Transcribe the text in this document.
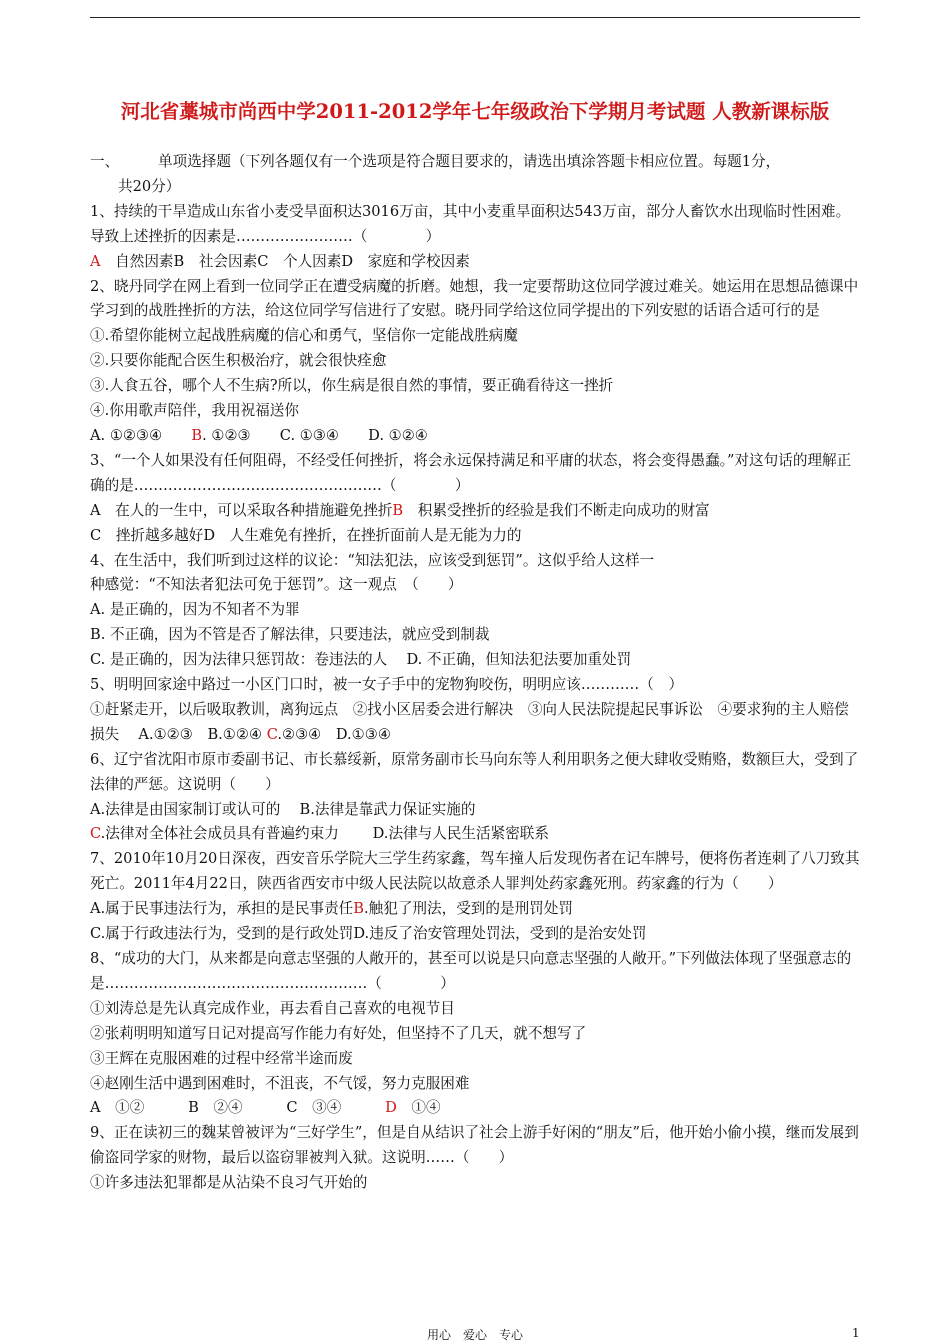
河北省藁城市尚西中学2011-2012学年七年级政治下学期月考试题 人教新课标版

一、	单项选择题（下列各题仅有一个选项是符合题目要求的，请选出填涂答题卡相应位置。每题1分，

共20分）

1、持续的干旱造成山东省小麦受旱面积达3016万亩，其中小麦重旱面积达543万亩，部分人畜饮水出现临时性困难。导致上述挫折的因素是……………………（　　　　）

A　自然因素B　社会因素C　个人因素D　家庭和学校因素

2、晓丹同学在网上看到一位同学正在遭受病魔的折磨。她想，我一定要帮助这位同学渡过难关。她运用在思想品德课中学习到的战胜挫折的方法，给这位同学写信进行了安慰。晓丹同学给这位同学提出的下列安慰的话语合适可行的是

①.希望你能树立起战胜病魔的信心和勇气，坚信你一定能战胜病魔

②.只要你能配合医生积极治疗，就会很快痊愈

③.人食五谷，哪个人不生病?所以，你生病是很自然的事情，要正确看待这一挫折

④.你用歌声陪伴，我用祝福送你

A. ①②③④　　B. ①②③　　C. ①③④　　D. ①②④

3、“一个人如果没有任何阻碍，不经受任何挫折，将会永远保持满足和平庸的状态，将会变得愚蠢。”对这句话的理解正确的是……………………………………………（　　　　）

A　在人的一生中，可以采取各种措施避免挫折B　积累受挫折的经验是我们不断走向成功的财富

C　挫折越多越好D　人生难免有挫折，在挫折面前人是无能为力的

4、在生活中，我们听到过这样的议论：“知法犯法，应该受到惩罚”。这似乎给人这样一

种感觉：“不知法者犯法可免于惩罚”。这一观点　（　　）

A. 是正确的，因为不知者不为罪

B. 不正确，因为不管是否了解法律，只要违法，就应受到制裁

C. 是正确的，因为法律只惩罚故：卷违法的人　 D. 不正确，但知法犯法要加重处罚

5、明明回家途中路过一小区门口时，被一女子手中的宠物狗咬伤，明明应该…………（　）

①赶紧走开，以后吸取教训，离狗远点　②找小区居委会进行解决　③向人民法院提起民事诉讼　④要求狗的主人赔偿损失　 A.①②③　B.①②④ C.②③④　D.①③④

6、辽宁省沈阳市原市委副书记、市长慕绥新，原常务副市长马向东等人利用职务之便大肆收受贿赂，数额巨大，受到了法律的严惩。这说明（　　）

A.法律是由国家制订或认可的　 B.法律是靠武力保证实施的

C.法律对全体社会成员具有普遍约束力　　 D.法律与人民生活紧密联系

7、2010年10月20日深夜，西安音乐学院大三学生药家鑫，驾车撞人后发现伤者在记车牌号，便将伤者连刺了八刀致其死亡。2011年4月22日，陕西省西安市中级人民法院以故意杀人罪判处药家鑫死刑。药家鑫的行为（　　）

A.属于民事违法行为，承担的是民事责任B.触犯了刑法，受到的是刑罚处罚

C.属于行政违法行为，受到的是行政处罚D.违反了治安管理处罚法，受到的是治安处罚

8、“成功的大门，从来都是向意志坚强的人敞开的，甚至可以说是只向意志坚强的人敞开。”下列做法体现了坚强意志的是………………………………………………（　　　　）

①刘涛总是先认真完成作业，再去看自己喜欢的电视节目

②张莉明明知道写日记对提高写作能力有好处，但坚持不了几天，就不想写了

③王辉在克服困难的过程中经常半途而废

④赵刚生活中遇到困难时，不沮丧，不气馁，努力克服困难

A　①②　　　B　②④　　　C　③④　　　D　①④

9、正在读初三的魏某曾被评为“三好学生”，但是自从结识了社会上游手好闲的“朋友”后，他开始小偷小摸，继而发展到偷盗同学家的财物，最后以盗窃罪被判入狱。这说明……（　　）

①许多违法犯罪都是从沾染不良习气开始的

用心　爱心　专心	1
